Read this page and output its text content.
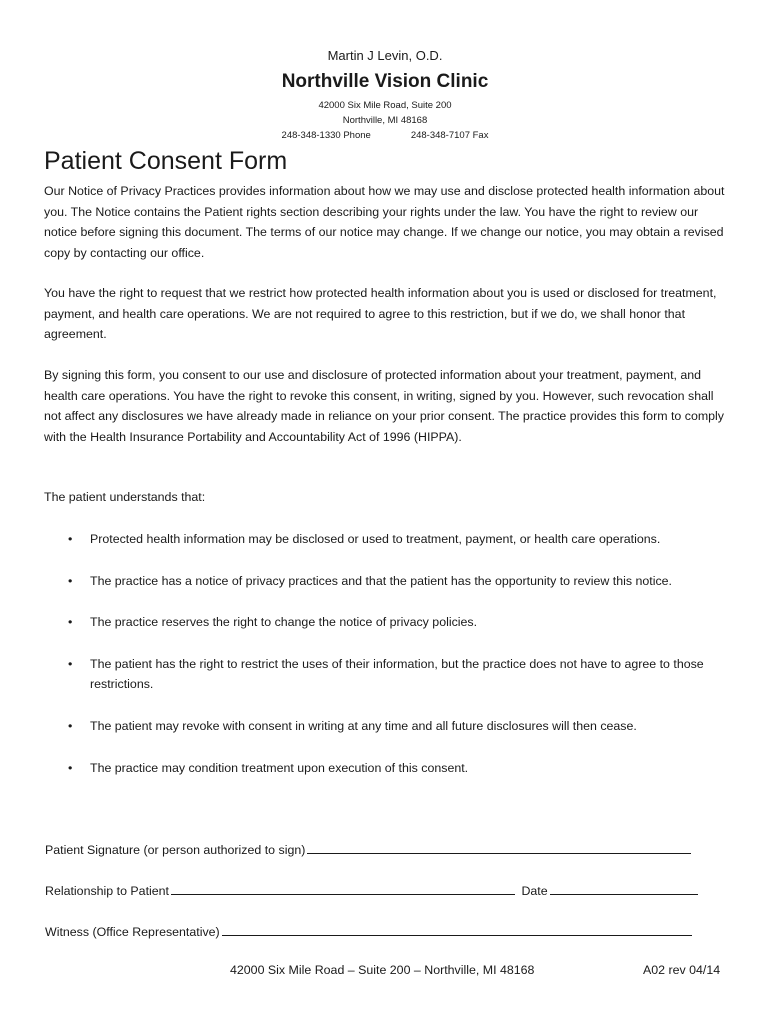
Martin J Levin, O.D.

Northville Vision Clinic

42000 Six Mile Road, Suite 200

Northville, MI 48168

248-348-1330 Phone	248-348-7107 Fax

Patient Consent Form

Our Notice of Privacy Practices provides information about how we may use and disclose protected health information about you. The Notice contains the Patient rights section describing your rights under the law. You have the right to review our notice before signing this document. The terms of our notice may change. If we change our notice, you may obtain a revised copy by contacting our office.

You have the right to request that we restrict how protected health information about you is used or disclosed for treatment, payment, and health care operations. We are not required to agree to this restriction, but if we do, we shall honor that agreement.

By signing this form, you consent to our use and disclosure of protected information about your treatment, payment, and health care operations. You have the right to revoke this consent, in writing, signed by you. However, such revocation shall not affect any disclosures we have already made in reliance on your prior consent. The practice provides this form to comply with the Health Insurance Portability and Accountability Act of 1996 (HIPPA).

The patient understands that:

• Protected health information may be disclosed or used to treatment, payment, or health care operations.
• The practice has a notice of privacy practices and that the patient has the opportunity to review this notice.
• The practice reserves the right to change the notice of privacy policies.
• The patient has the right to restrict the uses of their information, but the practice does not have to agree to those restrictions.
• The patient may revoke with consent in writing at any time and all future disclosures will then cease.
• The practice may condition treatment upon execution of this consent.
Patient Signature (or person authorized to sign)
Relationship to Patient	Date
Witness (Office Representative)
42000 Six Mile Road – Suite 200 – Northville, MI 48168	A02 rev 04/14
